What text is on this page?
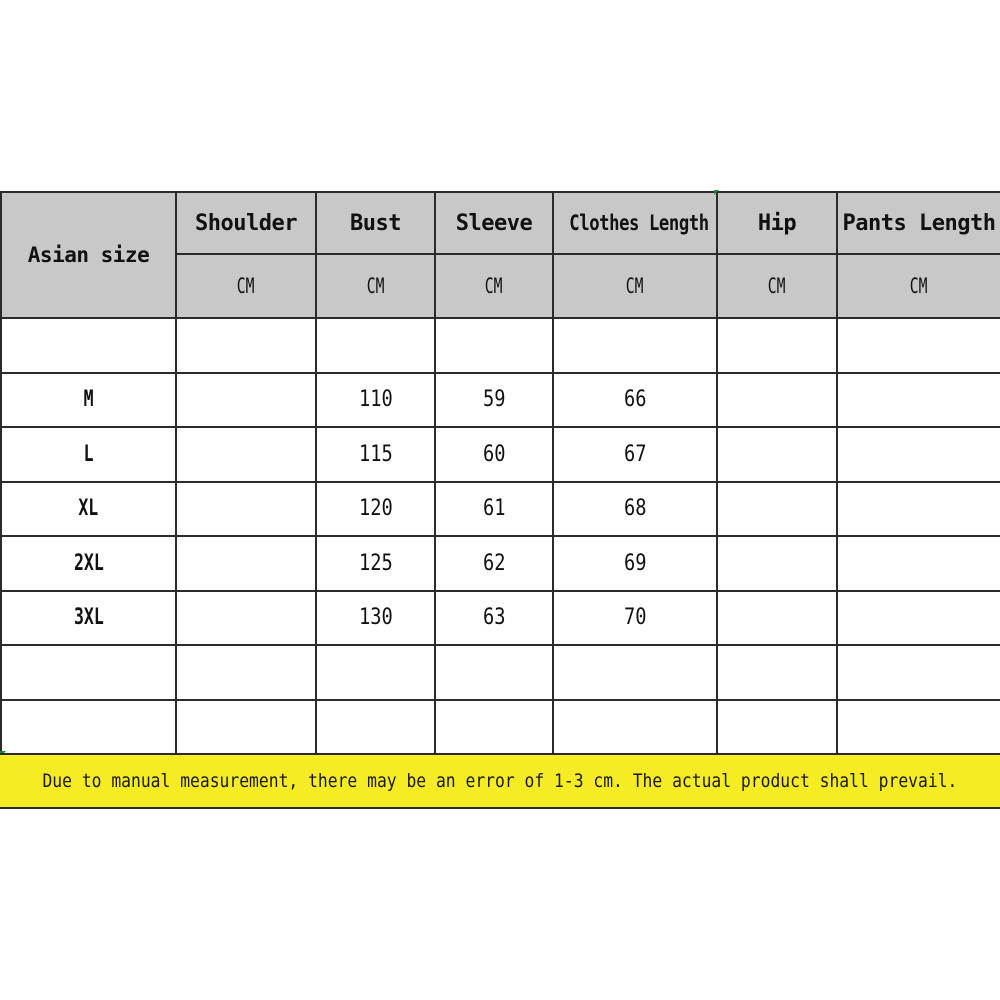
Asian size	Shoulder	Bust	Sleeve	Clothes Length	Hip	Pants Length
	CM	CM	CM	CM	CM	CM

M		110	59	66		
L		115	60	67		
XL		120	61	68		
2XL		125	62	69		
3XL		130	63	70		

Due to manual measurement, there may be an error of 1-3 cm. The actual product shall prevail.
